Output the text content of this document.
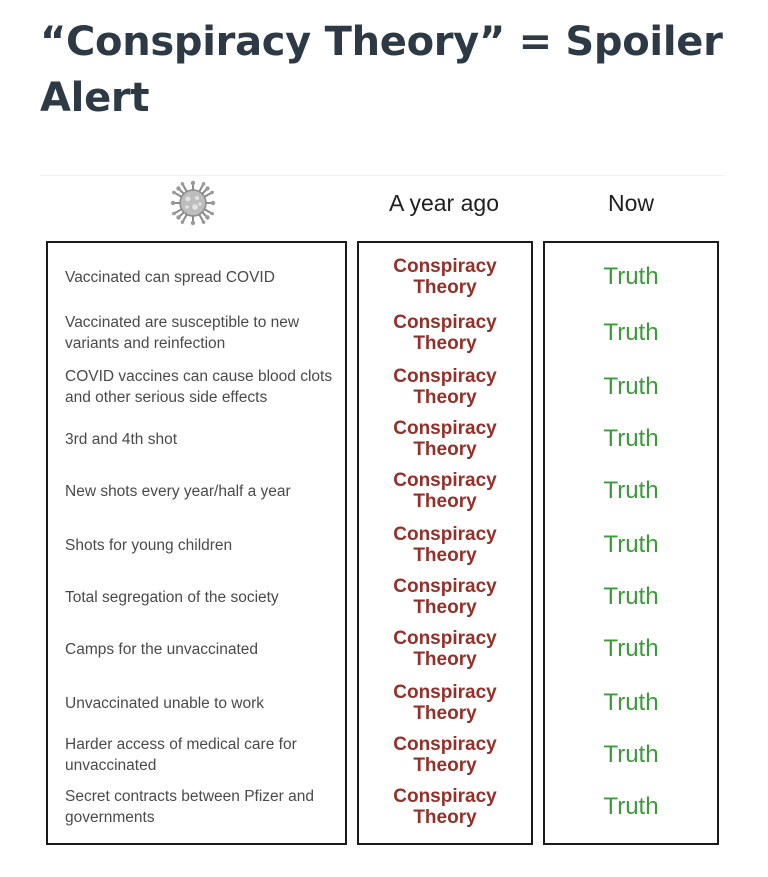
“Conspiracy Theory” = Spoiler Alert
A year ago	Now
Vaccinated can spread COVID
Vaccinated are susceptible to new variants and reinfection
COVID vaccines can cause blood clots and other serious side effects
3rd and 4th shot
New shots every year/half a year
Shots for young children
Total segregation of the society
Camps for the unvaccinated
Unvaccinated unable to work
Harder access of medical care for unvaccinated
Secret contracts between Pfizer and governments
Conspiracy
Theory
Conspiracy
Theory
Conspiracy
Theory
Conspiracy
Theory
Conspiracy
Theory
Conspiracy
Theory
Conspiracy
Theory
Conspiracy
Theory
Conspiracy
Theory
Conspiracy
Theory
Conspiracy
Theory
Truth
Truth
Truth
Truth
Truth
Truth
Truth
Truth
Truth
Truth
Truth
